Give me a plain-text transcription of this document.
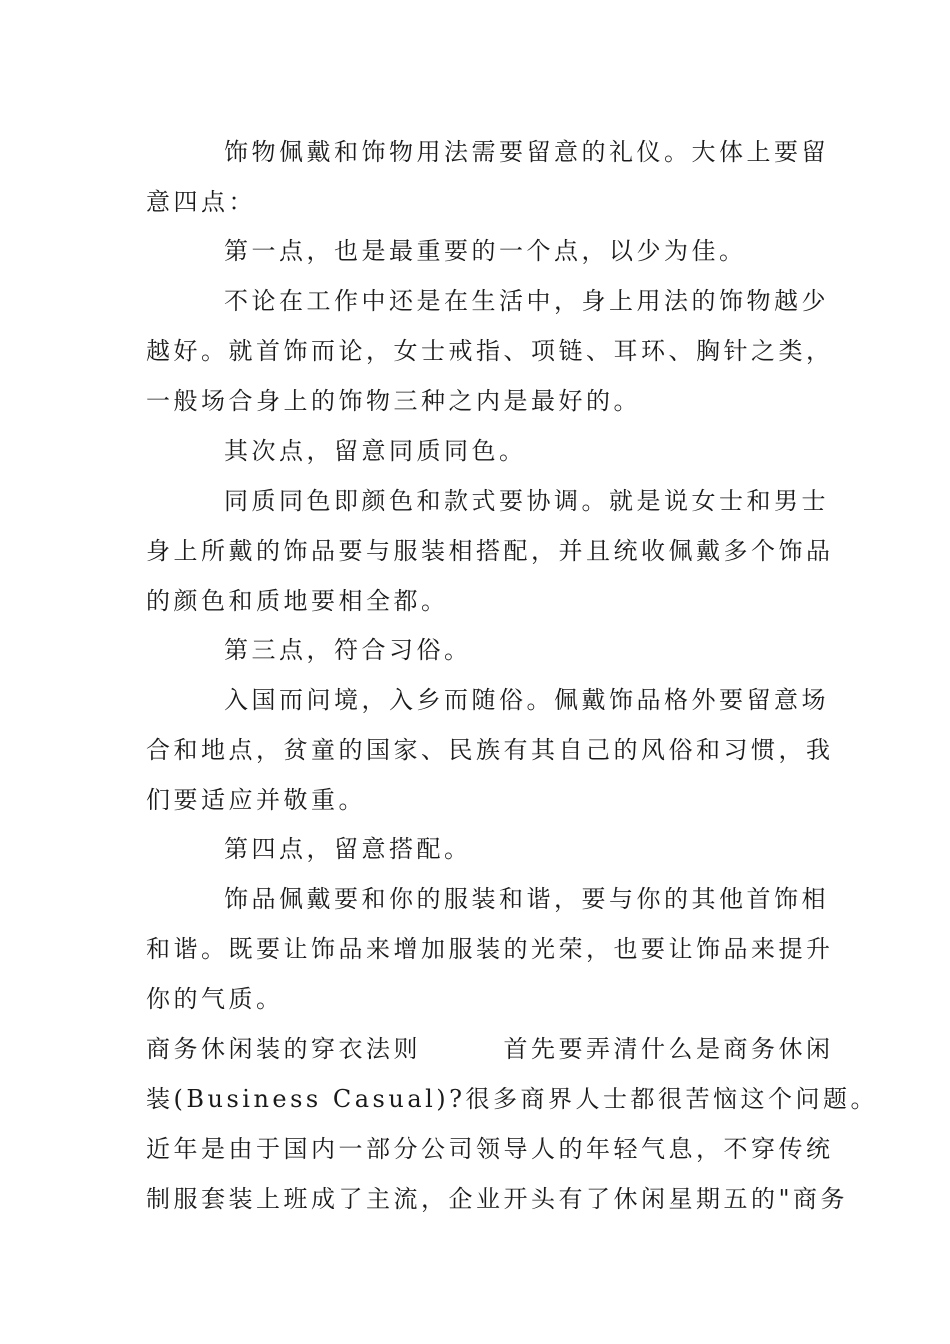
饰物佩戴和饰物用法需要留意的礼仪。大体上要留
意四点：
第一点，也是最重要的一个点，以少为佳。
不论在工作中还是在生活中，身上用法的饰物越少
越好。就首饰而论，女士戒指、项链、耳环、胸针之类，
一般场合身上的饰物三种之内是最好的。
其次点，留意同质同色。
同质同色即颜色和款式要协调。就是说女士和男士
身上所戴的饰品要与服装相搭配，并且统收佩戴多个饰品
的颜色和质地要相全都。
第三点，符合习俗。
入国而问境，入乡而随俗。佩戴饰品格外要留意场
合和地点，贫童的国家、民族有其自己的风俗和习惯，我
们要适应并敬重。
第四点，留意搭配。
饰品佩戴要和你的服装和谐，要与你的其他首饰相
和谐。既要让饰品来增加服装的光荣，也要让饰品来提升
你的气质。
商务休闲装的穿衣法则　　　首先要弄清什么是商务休闲
装(Business Casual)?很多商界人士都很苦恼这个问题。
近年是由于国内一部分公司领导人的年轻气息，不穿传统
制服套装上班成了主流，企业开头有了休闲星期五的"商务
